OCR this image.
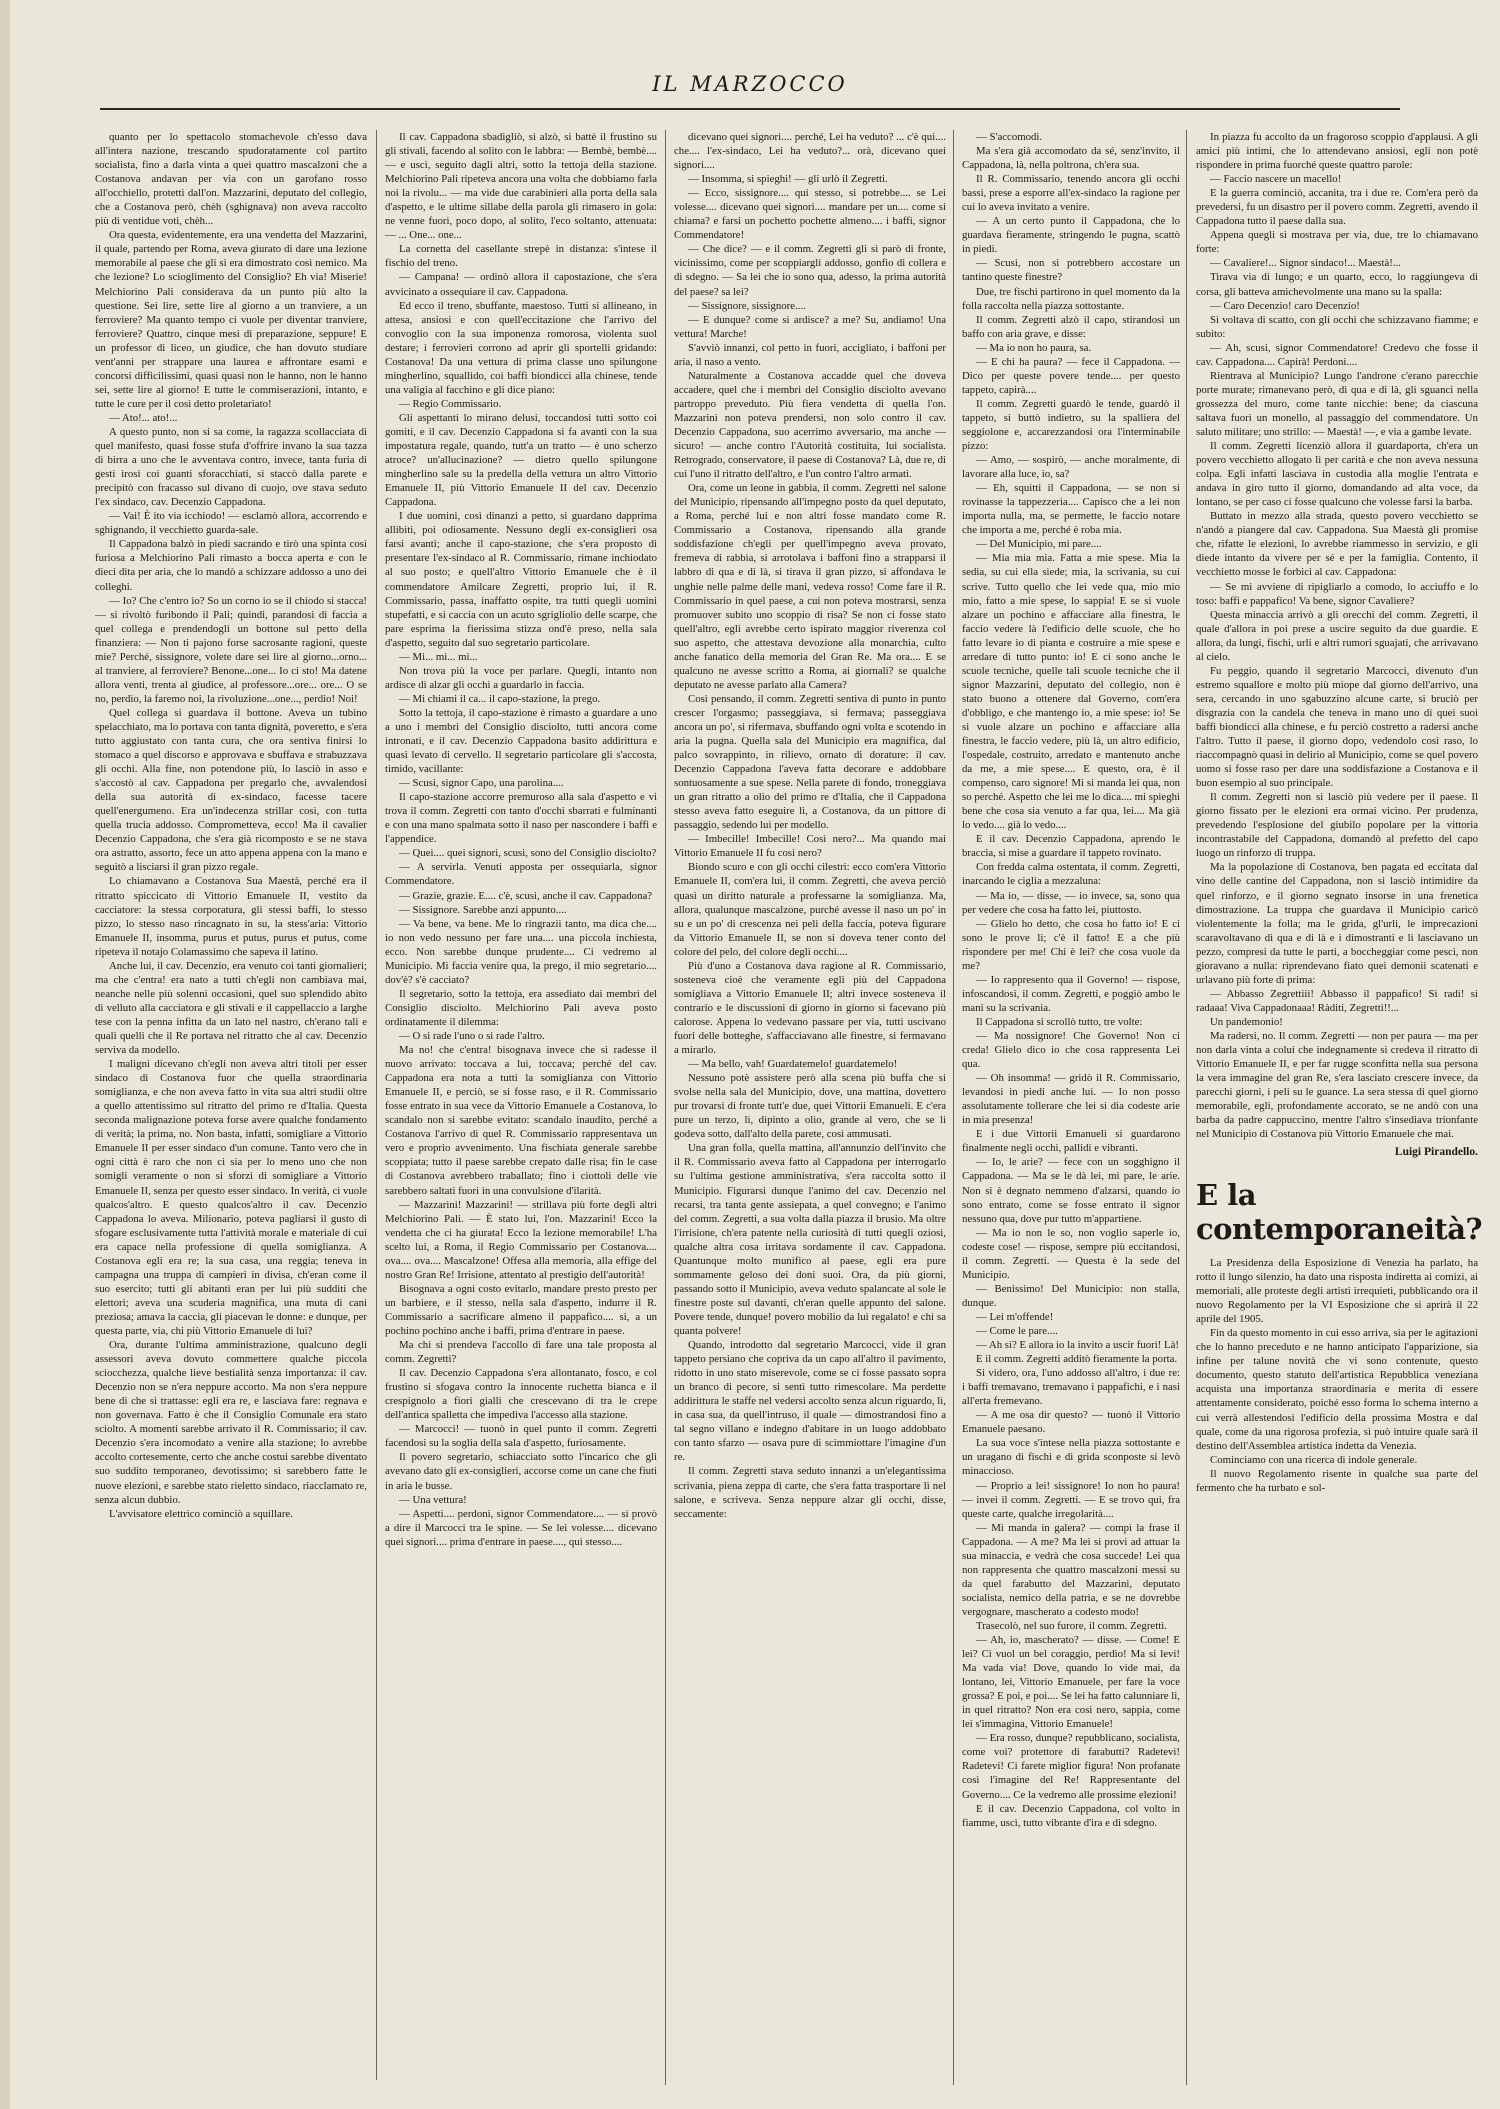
IL MARZOCCO

quanto per lo spettacolo stomachevole ch'esso dava all'intera nazione, trescando spudoratamente col partito socialista, fino a darla vinta a quei quattro mascalzoni che a Costanova andavan per via con un garofano rosso all'occhiello, protetti dall'on. Mazzarini, deputato del collegio, che a Costanova però, chèh (sghignava) non aveva raccolto più di ventidue voti, chèh...

Ora questa, evidentemente, era una vendetta del Mazzarini, il quale, partendo per Roma, aveva giurato di dare una lezione memorabile al paese che gli si era dimostrato così nemico. Ma che lezione? Lo scioglimento del Consiglio? Eh via! Miserie! Melchiorino Pali considerava da un punto più alto la questione. Sei lire, sette lire al giorno a un tranviere, a un ferroviere? Ma quanto tempo ci vuole per diventar tranviere, ferroviere? Quattro, cinque mesi di preparazione, seppure! E un professor di liceo, un giudice, che han dovuto studiare vent'anni per strappare una laurea e affrontare esami e concorsi difficilissimi, quasi quasi non le hanno, non le hanno sei, sette lire al giorno! E tutte le commiserazioni, intanto, e tutte le cure per il così detto proletariato!

— Ato!... ato!...

A questo punto, non si sa come, la ragazza scollacciata di quel manifesto, quasi fosse stufa d'offrire invano la sua tazza di birra a uno che le avventava contro, invece, tanta furia di gesti irosi coi guanti sforacchiati, si staccò dalla parete e precipitò con fracasso sul divano di cuojo, ove stava seduto l'ex sindaco, cav. Decenzio Cappadona.

— Vai! È ito via icchiodo! — esclamò allora, accorrendo e sghignando, il vecchietto guarda-sale.

Il Cappadona balzò in piedi sacrando e tirò una spinta così furiosa a Melchiorino Pali rimasto a bocca aperta e con le dieci dita per aria, che lo mandò a schizzare addosso a uno dei colleghi.

— Io? Che c'entro io? So un corno io se il chiodo si stacca! — si rivoltò furibondo il Pali; quindi, parandosi di faccia a quel collega e prendendogli un bottone sul petto della finanziera: — Non ti pajono forse sacrosante ragioni, queste mie? Perché, sissignore, volete dare sei lire al giorno...orno... al tranviere, al ferroviere? Benone...one... Io ci sto! Ma datene allora venti, trenta al giudice, al professore...ore... ore... O se no, perdìo, la faremo noi, la rivoluzione...one..., perdìo! Noi!

Quel collega si guardava il bottone. Aveva un tubino spelacchiato, ma lo portava con tanta dignità, poveretto, e s'era tutto aggiustato con tanta cura, che ora sentiva finirsi lo stomaco a quel discorso e approvava e sbuffava e strabuzzava gli occhi. Alla fine, non potendone più, lo lasciò in asso e s'accostò al cav. Cappadona per pregarlo che, avvalendosi della sua autorità di ex-sindaco, facesse tacere quell'energumeno. Era un'indecenza strillar così, con tutta quella trucia addosso. Comprometteva, ecco! Ma il cavalier Decenzio Cappadona, che s'era già ricomposto e se ne stava ora astratto, assorto, fece un atto appena appena con la mano e seguitò a lisciarsi il gran pizzo regale.

Lo chiamavano a Costanova Sua Maestà, perché era il ritratto spiccicato di Vittorio Emanuele II, vestito da cacciatore: la stessa corporatura, gli stessi baffi, lo stesso pizzo, lo stesso naso rincagnato in su, la stess'aria: Vittorio Emanuele II, insomma, purus et putus, purus et putus, come ripeteva il notajo Colamassimo che sapeva il latino.

Anche lui, il cav. Decenzio, era venuto coi tanti giornalieri; ma che c'entra! era nato a tutti ch'egli non cambiava mai, neanche nelle più solenni occasioni, quel suo splendido abito di velluto alla cacciatora e gli stivali e il cappellaccio a larghe tese con la penna infitta da un lato nel nastro, ch'erano tali e quali quelli che il Re portava nel ritratto che al cav. Decenzio serviva da modello.

I maligni dicevano ch'egli non aveva altri titoli per esser sindaco di Costanova fuor che quella straordinaria somiglianza, e che non aveva fatto in vita sua altri studii oltre a quello attentissimo sul ritratto del primo re d'Italia. Questa seconda malignazione poteva forse avere qualche fondamento di verità; la prima, no. Non basta, infatti, somigliare a Vittorio Emanuele II per esser sindaco d'un comune. Tanto vero che in ogni città è raro che non ci sia per lo meno uno che non somigli veramente o non si sforzi di somigliare a Vittorio Emanuele II, senza per questo esser sindaco. In verità, ci vuole qualcos'altro. E questo qualcos'altro il cav. Decenzio Cappadona lo aveva. Milionario, poteva pagliarsi il gusto di sfogare esclusivamente tutta l'attività morale e materiale di cui era capace nella professione di quella somiglianza. A Costanova egli era re; la sua casa, una reggia; teneva in campagna una truppa di campieri in divisa, ch'eran come il suo esercito; tutti gli abitanti eran per lui più sudditi che elettori; aveva una scuderia magnifica, una muta di cani preziosa; amava la caccia, gli piacevan le donne: e dunque, per questa parte, via, chi più Vittorio Emanuele di lui?

Ora, durante l'ultima amministrazione, qualcuno degli assessori aveva dovuto commettere qualche piccola sciocchezza, qualche lieve bestialità senza importanza: il cav. Decenzio non se n'era neppure accorto. Ma non s'era neppure bene di che si trattasse: egli era re, e lasciava fare: regnava e non governava. Fatto è che il Consiglio Comunale era stato sciolto. A momenti sarebbe arrivato il R. Commissario; il cav. Decenzio s'era incomodato a venire alla stazione; lo avrebbe accolto cortesemente, certo che anche costui sarebbe diventato suo suddito temporaneo, devotissimo; sì sarebbero fatte le nuove elezioni, e sarebbe stato rieletto sindaco, riacclamato re, senza alcun dubbio.

L'avvisatore elettrico cominciò a squillare.

Il cav. Cappadona sbadigliò, si alzò, si battè il frustino su gli stivali, facendo al solito con le labbra: — Bembè, bembè.... — e uscì, seguito dagli altri, sotto la tettoja della stazione. Melchiorino Pali ripeteva ancora una volta che dobbiamo farla noi la rivolu... — ma vide due carabinieri alla porta della sala d'aspetto, e le ultime sillabe della parola gli rimasero in gola: ne venne fuori, poco dopo, al solito, l'eco soltanto, attenuata: — ... One... one...

La cornetta del casellante strepè in distanza: s'intese il fischio del treno.

— Campana! — ordinò allora il capostazione, che s'era avvicinato a ossequiare il cav. Cappadona.

Ed ecco il treno, sbuffante, maestoso. Tutti si allineano, in attesa, ansiosi e con quell'eccitazione che l'arrivo del convoglio con la sua imponenza romorosa, violenta suol destare; i ferrovieri corrono ad aprir gli sportelli gridando: Costanova! Da una vettura di prima classe uno spilungone mingherlino, squallido, coi baffi biondicci alla chinese, tende una valigia al facchino e gli dice piano:

— Regio Commissario.

Gli aspettanti lo mirano delusi, toccandosi tutti sotto coi gomiti, e il cav. Decenzio Cappadona si fa avanti con la sua impostatura regale, quando, tutt'a un tratto — è uno scherzo atroce? un'allucinazione? — dietro quello spilungone mingherlino sale su la predella della vettura un altro Vittorio Emanuele II, più Vittorio Emanuele II del cav. Decenzio Cappadona.

I due uomini, così dinanzi a petto, si guardano dapprima allibiti, poi odiosamente. Nessuno degli ex-consiglieri osa farsi avanti; anche il capo-stazione, che s'era proposto di presentare l'ex-sindaco al R. Commissario, rimane inchiodato al suo posto; e quell'altro Vittorio Emanuele che è il commendatore Amilcare Zegretti, proprio lui, il R. Commissario, passa, inaffatto ospite, tra tutti quegli uomini stupefatti, e si caccia con un acuto sgrigliolio delle scarpe, che pare esprima la fierissima stizza ond'è preso, nella sala d'aspetto, seguito dal suo segretario particolare.

— Mi... mi... mi...

Non trova più la voce per parlare. Quegli, intanto non ardisce di alzar gli occhi a guardarlo in faccia.

— Mi chiami il ca... il capo-stazione, la prego.

Sotto la tettoja, il capo-stazione è rimasto a guardare a uno a uno i membri del Consiglio disciolto, tutti ancora come intronati, e il cav. Decenzio Cappadona basito addirittura e quasi levato di cervello. Il segretario particolare gli s'accosta, timido, vacillante:

— Scusi, signor Capo, una parolina....

Il capo-stazione accorre premuroso alla sala d'aspetto e vi trova il comm. Zegretti con tanto d'occhi sbarrati e fulminanti e con una mano spalmata sotto il naso per nascondere i baffi e l'appendice.

— Quei.... quei signori, scusi, sono del Consiglio disciolto?

— A servirla. Venuti apposta per ossequiarla, signor Commendatore.

— Grazie, grazie. E.... c'è, scusi, anche il cav. Cappadona?

— Sissignore. Sarebbe anzi appunto....

— Va bene, va bene. Me lo ringrazii tanto, ma dica che.... io non vedo nessuno per fare una.... una piccola inchiesta, ecco. Non sarebbe dunque prudente.... Ci vedremo al Municipio. Mi faccia venire qua, la prego, il mio segretario.... dov'è? s'è cacciato?

Il segretario, sotto la tettoja, era assediato dai membri del Consiglio disciolto. Melchiorino Pali aveva posto ordinatamente il dilemma:

— O si rade l'uno o si rade l'altro.

Ma no! che c'entra! bisognava invece che si radesse il nuovo arrivato: toccava a lui, toccava; perché del cav. Cappadona era nota a tutti la somiglianza con Vittorio Emanuele II, e perciò, se si fosse raso, e il R. Commissario fosse entrato in sua vece da Vittorio Emanuele a Costanova, lo scandalo non si sarebbe evitato: scandalo inaudito, perché a Costanova l'arrivo di quel R. Commissario rappresentava un vero e proprio avvenimento. Una fischiata generale sarebbe scoppiata; tutto il paese sarebbe crepato dalle risa; fin le case di Costanova avrebbero traballato; fino i ciottoli delle vie sarebbero saltati fuori in una convulsione d'ilarità.

— Mazzarini! Mazzarini! — strillava più forte degli altri Melchiorino Pali. — È stato lui, l'on. Mazzarini! Ecco la vendetta che ci ha giurata! Ecco la lezione memorabile! L'ha scelto lui, a Roma, il Regio Commissario per Costanova.... ova.... ova.... Mascalzone! Offesa alla memoria, alla effige del nostro Gran Re! Irrisione, attentato al prestigio dell'autorità!

Bisognava a ogni costo evitarlo, mandare presto presto per un barbiere, e il stesso, nella sala d'aspetto, indurre il R. Commissario a sacrificare almeno il pappafico.... sì, a un pochino pochino anche i baffi, prima d'entrare in paese.

Ma chi si prendeva l'accollo di fare una tale proposta al comm. Zegretti?

Il cav. Decenzio Cappadona s'era allontanato, fosco, e col frustino si sfogava contro la innocente ruchetta bianca e il crespignolo a fiori gialli che crescevano di tra le crepe dell'antica spalletta che impediva l'accesso alla stazione.

— Marcocci! — tuonò in quel punto il comm. Zegretti facendosi su la soglia della sala d'aspetto, furiosamente.

Il povero segretario, schiacciato sotto l'incarico che gli avevano dato gli ex-consiglieri, accorse come un cane che fiuti in aria le busse.

— Una vettura!

— Aspetti.... perdoni, signor Commendatore.... — si provò a dire il Marcocci tra le spine. — Se lei volesse.... dicevano quei signori.... prima d'entrare in paese...., qui stesso....

dicevano quei signori.... perché, Lei ha veduto? ... c'è qui.... che.... l'ex-sindaco, Lei ha veduto?... orà, dicevano quei signori....

— Insomma, si spieghi! — gli urlò il Zegretti.

— Ecco, sissignore.... qui stesso, si potrebbe.... se Lei volesse.... dicevano quei signori.... mandare per un.... come si chiama? e farsi un pochetto pochette almeno.... i baffi, signor Commendatore!

— Che dice? — e il comm. Zegretti gli si parò di fronte, vicinissimo, come per scoppiargli addosso, gonfio di collera e di sdegno. — Sa lei che io sono qua, adesso, la prima autorità del paese? sa lei?

— Sissignore, sissignore....

— E dunque? come si ardisce? a me? Su, andiamo! Una vettura! Marche!

S'avviò innanzi, col petto in fuori, accigliato, i baffoni per aria, il naso a vento.

Naturalmente a Costanova accadde quel che doveva accadere, quel che i membri del Consiglio disciolto avevano partroppo preveduto. Più fiera vendetta di quella l'on. Mazzarini non poteva prendersi, non solo contro il cav. Decenzio Cappadona, suo acerrimo avversario, ma anche — sicuro! — anche contro l'Autorità costituita, lui socialista. Retrogrado, conservatore, il paese di Costanova? Là, due re, di cui l'uno il ritratto dell'altro, e l'un contro l'altro armati.

Ora, come un leone in gabbia, il comm. Zegretti nel salone del Municipio, ripensando all'impegno posto da quel deputato, a Roma, perché lui e non altri fosse mandato come R. Commissario a Costanova, ripensando alla grande soddisfazione ch'egli per quell'impegno aveva provato, fremeva di rabbia, si arrotolava i baffoni fino a strapparsi il labbro di qua e di là, si tirava il gran pizzo, si affondava le unghie nelle palme delle mani, vedeva rosso! Come fare il R. Commissario in quel paese, a cui non poteva mostrarsi, senza promuover subito uno scoppio di risa? Se non ci fosse stato quell'altro, egli avrebbe certo ispirato maggior riverenza col suo aspetto, che attestava devozione alla monarchia, culto anche fanatico della memoria del Gran Re. Ma ora.... E se qualcuno ne avesse scritto a Roma, ai giornali? se qualche deputato ne avesse parlato alla Camera?

Così pensando, il comm. Zegretti sentiva di punto in punto crescer l'orgasmo; passeggiava, si fermava; passeggiava ancora un po', si rifermava, sbuffando ogni volta e scotendo in aria la pugna. Quella sala del Municipio era magnifica, dal palco sovrappinto, in rilievo, ornato di dorature: il cav. Decenzio Cappadona l'aveva fatta decorare e addobbare sontuosamente a sue spese. Nella parete di fondo, troneggiava un gran ritratto a olio del primo re d'Italia, che il Cappadona stesso aveva fatto eseguire lì, a Costanova, da un pittore di passaggio, sedendo lui per modello.

— Imbecille! Imbecille! Così nero?... Ma quando mai Vittorio Emanuele II fu così nero?

Biondo scuro e con gli occhi cilestri: ecco com'era Vittorio Emanuele II, com'era lui, il comm. Zegretti, che aveva perciò quasi un diritto naturale a professarne la somiglianza. Ma, allora, qualunque mascalzone, purché avesse il naso un po' in su e un po' di crescenza nei peli della faccia, poteva figurare da Vittorio Emanuele II, se non si doveva tener conto del colore del pelo, del colore degli occhi....

Più d'uno a Costanova dava ragione al R. Commissario, sosteneva cioè che veramente egli più del Cappadona somigliava a Vittorio Emanuele II; altri invece sosteneva il contrario e le discussioni di giorno in giorno si facevano più calorose. Appena lo vedevano passare per via, tutti uscivano fuori delle botteghe, s'affacciavano alle finestre, si fermavano a mirarlo.

— Ma bello, vah! Guardatemelo! guardatemelo!

Nessuno potè assistere però alla scena più buffa che si svolse nella sala del Municipio, dove, una mattina, dovettero pur trovarsi di fronte tutt'e due, quei Vittorii Emanueli. E c'era pure un terzo, lì, dipinto a olio, grande al vero, che se li godeva sotto, dall'alto della parete, così ammusati.

Una gran folla, quella mattina, all'annunzio dell'invito che il R. Commissario aveva fatto al Cappadona per interrogarlo su l'ultima gestione amministrativa, s'era raccolta sotto il Municipio. Figurarsi dunque l'animo del cav. Decenzio nel recarsi, tra tanta gente assiepata, a quel convegno; e l'animo del comm. Zegretti, a sua volta dalla piazza il brusio. Ma oltre l'irrisione, ch'era patente nella curiosità di tutti quegli oziosi, qualche altra cosa irritava sordamente il cav. Cappadona. Quantunque molto munifico al paese, egli era pure sommamente geloso dei doni suoi. Ora, da più giorni, passando sotto il Municipio, aveva veduto spalancate al sole le finestre poste sul davanti, ch'eran quelle appunto del salone. Povere tende, dunque! povero mobilio da lui regalato! e chi sa quanta polvere!

Quando, introdotto dal segretario Marcocci, vide il gran tappeto persiano che copriva da un capo all'altro il pavimento, ridotto in uno stato miserevole, come se ci fosse passato sopra un branco di pecore, si sentì tutto rimescolare. Ma perdette addirittura le staffe nel vedersi accolto senza alcun riguardo, lì, in casa sua, da quell'intruso, il quale — dimostrandosi fino a tal segno villano e indegno d'abitare in un luogo addobbato con tanto sfarzo — osava pure di scimmiottare l'imagine d'un re.

Il comm. Zegretti stava seduto innanzi a un'elegantissima scrivania, piena zeppa di carte, che s'era fatta trasportare lì nel salone, e scriveva. Senza neppure alzar gli occhi, disse, seccamente:

— S'accomodi.

Ma s'era già accomodato da sé, senz'invito, il Cappadona, là, nella poltrona, ch'era sua.

Il R. Commissario, tenendo ancora gli occhi bassi, prese a esporre all'ex-sindaco la ragione per cui lo aveva invitato a venire.

— A un certo punto il Cappadona, che lo guardava fieramente, stringendo le pugna, scattò in piedi.

— Scusi, non si potrebbero accostare un tantino queste finestre?

Due, tre fischi partirono in quel momento da la folla raccolta nella piazza sottostante.

Il comm. Zegretti alzò il capo, stirandosi un baffo con aria grave, e disse:

— Ma io non ho paura, sa.

— E chi ha paura? — fece il Cappadona. — Dico per queste povere tende.... per questo tappeto, capirà....

Il comm. Zegretti guardò le tende, guardò il tappeto, si buttò indietro, su la spalliera del seggiolone e, accarezzandosi ora l'interminabile pizzo:

— Amo, — sospirò, — anche moralmente, di lavorare alla luce, io, sa?

— Eh, squitti il Cappadona, — se non si rovinasse la tappezzeria.... Capisco che a lei non importa nulla, ma, se permette, le faccio notare che importa a me, perché è roba mia.

— Del Municipio, mi pare....

— Mia mia mia. Fatta a mie spese. Mia la sedia, su cui ella siede; mia, la scrivania, su cui scrive. Tutto quello che lei vede qua, mio mio mio, fatto a mie spese, lo sappia! E se si vuole alzare un pochino e affacciare alla finestra, le faccio vedere là l'edificio delle scuole, che ho fatto levare io di pianta e costruire a mie spese e arredare di tutto punto: io! E ci sono anche le scuole tecniche, quelle tali scuole tecniche che il signor Mazzarini, deputato del collegio, non è stato buono a ottenere dal Governo, com'era d'obbligo, e che mantengo io, a mie spese: io! Se si vuole alzare un pochino e affacciare alla finestra, le faccio vedere, più là, un altro edificio, l'ospedale, costruito, arredato e mantenuto anche da me, a mie spese.... E questo, ora, è il compenso, caro signore! Mi si manda lei qua, non so perché. Aspetto che lei me lo dica.... mi spieghi bene che cosa sia venuto a far qua, lei.... Ma già lo vedo.... già lo vedo....

E il cav. Decenzio Cappadona, aprendo le braccia, si mise a guardare il tappeto rovinato.

Con fredda calma ostentata, il comm. Zegretti, inarcando le ciglia a mezzaluna:

— Ma io, — disse, — io invece, sa, sono qua per vedere che cosa ha fatto lei, piuttosto.

— Glielo ho detto, che cosa ho fatto io! E ci sono le prove lì; c'è il fatto! E a che più rispondere per me! Chi è lei? che cosa vuole da me?

— Io rappresento qua il Governo! — rispose, infoscandosi, il comm. Zegretti, e poggiò ambo le mani su la scrivania.

Il Cappadona si scrollò tutto, tre volte:

— Ma nossignore! Che Governo! Non ci creda! Glielo dico io che cosa rappresenta Lei qua.

— Oh insomma! — gridò il R. Commissario, levandosi in piedi anche lui. — Io non posso assolutamente tollerare che lei si dia codeste arie in mia presenza!

E i due Vittorii Emanueli si guardarono finalmente negli occhi, pallidi e vibranti.

— Io, le arie? — fece con un sogghigno il Cappadona. — Ma se le dà lei, mi pare, le arie. Non si è degnato nemmeno d'alzarsi, quando io sono entrato, come se fosse entrato il signor nessuno qua, dove pur tutto m'appartiene.

— Ma io non le so, non voglio saperle io, codeste cose! — rispose, sempre più eccitandosi, il comm. Zegretti. — Questa è la sede del Municipio.

— Benissimo! Del Municipio: non stalla, dunque.

— Lei m'offende!

— Come le pare....

— Ah sì? E allora io la invito a uscir fuori! Là!

E il comm. Zegretti additò fieramente la porta.

Si videro, ora, l'uno addosso all'altro, i due re: i baffi tremavano, tremavano i pappafichi, e i nasi all'erta fremevano.

— A me osa dir questo? — tuonò il Vittorio Emanuele paesano.

La sua voce s'intese nella piazza sottostante e un uragano di fischi e di grida sconposte si levò minaccioso.

— Proprio a lei! sissignore! Io non ho paura! — inveì il comm. Zegretti. — E se trovo qui, fra queste carte, qualche irregolarità....

— Mi manda in galera? — compì la frase il Cappadona. — A me? Ma lei si provi ad attuar la sua minaccia, e vedrà che cosa succede! Lei qua non rappresenta che quattro mascalzoni messi su da quel farabutto del Mazzarini, deputato socialista, nemico della patria, e se ne dovrebbe vergognare, mascherato a codesto modo!

Trasecolò, nel suo furore, il comm. Zegretti.

— Ah, io, mascherato? — disse. — Come! E lei? Ci vuol un bel coraggio, perdìo! Ma si levi! Ma vada via! Dove, quando lo vide mai, da lontano, lei, Vittorio Emanuele, per fare la voce grossa? E poi, e poi.... Se lei ha fatto calunniare lì, in quel ritratto? Non era così nero, sappia, come lei s'immagina, Vittorio Emanuele!

— Era rosso, dunque? repubblicano, socialista, come voi? protettore di farabutti? Radetevi! Radetevi! Ci farete miglior figura! Non profanate così l'imagine del Re! Rappresentante del Governo.... Ce la vedremo alle prossime elezioni!

E il cav. Decenzio Cappadona, col volto in fiamme, uscì, tutto vibrante d'ira e di sdegno.

In piazza fu accolto da un fragoroso scoppio d'applausi. A gli amici più intimi, che lo attendevano ansiosi, egli non potè rispondere in prima fuorché queste quattro parole:

— Faccio nascere un macello!

E la guerra cominciò, accanita, tra i due re. Com'era però da prevedersi, fu un disastro per il povero comm. Zegretti, avendo il Cappadona tutto il paese dalla sua.

Appena quegli si mostrava per via, due, tre lo chiamavano forte:

— Cavaliere!... Signor sindaco!... Maestà!...

Tirava via di lungo; e un quarto, ecco, lo raggiungeva di corsa, gli batteva amichevolmente una mano su la spalla:

— Caro Decenzio! caro Decenzio!

Si voltava di scatto, con gli occhi che schizzavano fiamme; e subito:

— Ah, scusi, signor Commendatore! Credevo che fosse il cav. Cappadona.... Capirà! Perdoni....

Rientrava al Municipio? Lungo l'androne c'erano parecchie porte murate; rimanevano però, di qua e di là, gli sguanci nella grossezza del muro, come tante nicchie: bene; da ciascuna saltava fuori un monello, al passaggio del commendatore. Un saluto militare; uno strillo: — Maestà! —, e via a gambe levate.

Il comm. Zegretti licenziò allora il guardaporta, ch'era un povero vecchietto allogato lì per carità e che non aveva nessuna colpa. Egli infatti lasciava in custodia alla moglie l'entrata e andava in giro tutto il giorno, domandando ad alta voce, da lontano, se per caso ci fosse qualcuno che volesse farsi la barba.

Buttato in mezzo alla strada, questo povero vecchietto se n'andò a piangere dal cav. Cappadona. Sua Maestà gli promise che, rifatte le elezioni, lo avrebbe riammesso in servizio, e gli diede intanto da vivere per sé e per la famiglia. Contento, il vecchietto mosse le forbici al cav. Cappadona:

— Se mi avviene di ripigliarlo a comodo, lo acciuffo e lo toso: baffi e pappafico! Va bene, signor Cavaliere?

Questa minaccia arrivò a gli orecchi del comm. Zegretti, il quale d'allora in poi prese a uscire seguito da due guardie. E allora, da lungi, fischi, urli e altri rumori sguajati, che arrivavano al cielo.

Fu peggio, quando il segretario Marcocci, divenuto d'un estremo squallore e molto più miope dal giorno dell'arrivo, una sera, cercando in uno sgabuzzino alcune carte, si bruciò per disgrazia con la candela che teneva in mano uno di quei suoi baffi biondicci alla chinese, e fu perciò costretto a radersi anche l'altro. Tutto il paese, il giorno dopo, vedendolo così raso, lo riaccompagnò quasi in delirio al Municipio, come se quel povero uomo si fosse raso per dare una soddisfazione a Costanova e il buon esempio al suo principale.

Il comm. Zegretti non si lasciò più vedere per il paese. Il giorno fissato per le elezioni era ormai vicino. Per prudenza, prevedendo l'esplosione del giubilo popolare per la vittoria incontrastabile del Cappadona, domandò al prefetto del capo luogo un rinforzo di truppa.

Ma la popolazione di Costanova, ben pagata ed eccitata dal vino delle cantine del Cappadona, non si lasciò intimidire da quel rinforzo, e il giorno segnato insorse in una frenetica dimostrazione. La truppa che guardava il Municipio caricò violentemente la folla; ma le grida, gl'urli, le imprecazioni scaravoltavano di qua e di là e i dimostranti e li lasciavano un pezzo, compresi da tutte le parti, a boccheggiar come pesci, non gioravano a nulla: riprendevano fiato quei demonii scatenati e urlavano più forte di prima:

— Abbasso Zegrettiii! Abbasso il pappafico! Si radi! si radaaa! Viva Cappadonaaa! Ràditi, Zegretti!!...

Un pandemonio!

Ma radersi, no. Il comm. Zegretti — non per paura — ma per non darla vinta a colui che indegnamente si credeva il ritratto di Vittorio Emanuele II, e per far rugge sconfitta nella sua persona la vera immagine del gran Re, s'era lasciato crescere invece, da parecchi giorni, i peli su le guance. La sera stessa di quel giorno memorabile, egli, profondamente accorato, se ne andò con una barba da padre cappuccino, mentre l'altro s'insediava trionfante nel Municipio di Costanova più Vittorio Emanuele che mai.

Luigi Pirandello.
E la contemporaneità?

La Presidenza della Esposizione di Venezia ha parlato, ha rotto il lungo silenzio, ha dato una risposta indiretta ai comizi, ai memoriali, alle proteste degli artisti irrequieti, pubblicando ora il nuovo Regolamento per la VI Esposizione che si aprirà il 22 aprile del 1905.

Fin da questo momento in cui esso arriva, sia per le agitazioni che lo hanno preceduto e ne hanno anticipato l'apparizione, sia infine per talune novità che vi sono contenute, questo documento, questo statuto dell'artistica Repubblica veneziana acquista una importanza straordinaria e merita di essere attentamente considerato, poiché esso forma lo schema interno a cui verrà allestendosi l'edificio della prossima Mostra e dal quale, come da una rigorosa profezia, si può intuire quale sarà il destino dell'Assemblea artistica indetta da Venezia.

Cominciamo con una ricerca di indole generale.

Il nuovo Regolamento risente in qualche sua parte del fermento che ha turbato e sol-
